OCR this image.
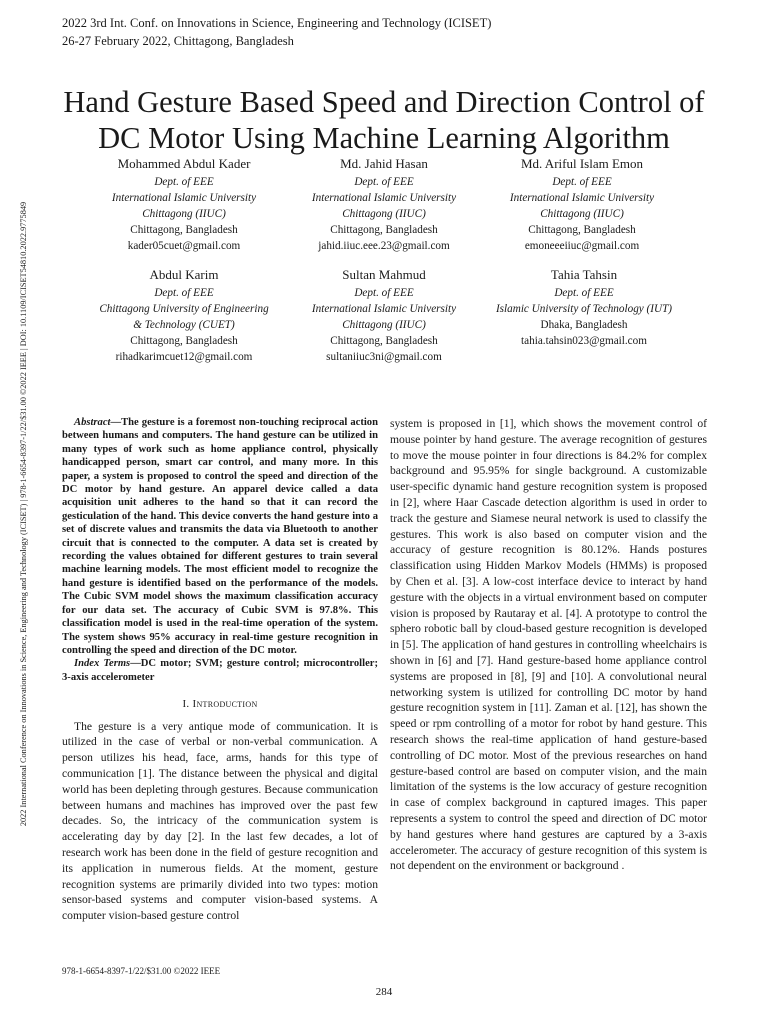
2022 3rd Int. Conf. on Innovations in Science, Engineering and Technology (ICISET)
26-27 February 2022, Chittagong, Bangladesh
2022 International Conference on Innovations in Science, Engineering and Technology (ICISET) | 978-1-6654-8397-1/22/$31.00 ©2022 IEEE | DOI: 10.1109/ICISET54810.2022.9775849
Hand Gesture Based Speed and Direction Control of DC Motor Using Machine Learning Algorithm
Mohammed Abdul Kader
Dept. of EEE
International Islamic University
Chittagong (IIUC)
Chittagong, Bangladesh
kader05cuet@gmail.com
Md. Jahid Hasan
Dept. of EEE
International Islamic University
Chittagong (IIUC)
Chittagong, Bangladesh
jahid.iiuc.eee.23@gmail.com
Md. Ariful Islam Emon
Dept. of EEE
International Islamic University
Chittagong (IIUC)
Chittagong, Bangladesh
emoneeeiiuc@gmail.com
Abdul Karim
Dept. of EEE
Chittagong University of Engineering
& Technology (CUET)
Chittagong, Bangladesh
rihadkarimcuet12@gmail.com
Sultan Mahmud
Dept. of EEE
International Islamic University
Chittagong (IIUC)
Chittagong, Bangladesh
sultaniiuc3ni@gmail.com
Tahia Tahsin
Dept. of EEE
Islamic University of Technology (IUT)
Dhaka, Bangladesh
tahia.tahsin023@gmail.com

Abstract—The gesture is a foremost non-touching reciprocal action between humans and computers. The hand gesture can be utilized in many types of work such as home appliance control, physically handicapped person, smart car control, and many more. In this paper, a system is proposed to control the speed and direction of the DC motor by hand gesture. An apparel device called a data acquisition unit adheres to the hand so that it can record the gesticulation of the hand. This device converts the hand gesture into a set of discrete values and transmits the data via Bluetooth to another circuit that is connected to the computer. A data set is created by recording the values obtained for different gestures to train several machine learning models. The most efficient model to recognize the hand gesture is identified based on the performance of the models. The Cubic SVM model shows the maximum classification accuracy for our data set. The accuracy of Cubic SVM is 97.8%. This classification model is used in the real-time operation of the system. The system shows 95% accuracy in real-time gesture recognition in controlling the speed and direction of the DC motor.

Index Terms—DC motor; SVM; gesture control; microcontroller; 3-axis accelerometer

I. Introduction

The gesture is a very antique mode of communication. It is utilized in the case of verbal or non-verbal communication. A person utilizes his head, face, arms, hands for this type of communication [1]. The distance between the physical and digital world has been depleting through gestures. Because communication between humans and machines has improved over the past few decades. So, the intricacy of the communication system is accelerating day by day [2]. In the last few decades, a lot of research work has been done in the field of gesture recognition and its application in numerous fields. At the moment, gesture recognition systems are primarily divided into two types: motion sensor-based systems and computer vision-based systems. A computer vision-based gesture control

system is proposed in [1], which shows the movement control of mouse pointer by hand gesture. The average recognition of gestures to move the mouse pointer in four directions is 84.2% for complex background and 95.95% for single background. A customizable user-specific dynamic hand gesture recognition system is proposed in [2], where Haar Cascade detection algorithm is used in order to track the gesture and Siamese neural network is used to classify the gestures. This work is also based on computer vision and the accuracy of gesture recognition is 80.12%. Hands postures classification using Hidden Markov Models (HMMs) is proposed by Chen et al. [3]. A low-cost interface device to interact by hand gesture with the objects in a virtual environment based on computer vision is proposed by Rautaray et al. [4]. A prototype to control the sphero robotic ball by cloud-based gesture recognition is developed in [5]. The application of hand gestures in controlling wheelchairs is shown in [6] and [7]. Hand gesture-based home appliance control systems are proposed in [8], [9] and [10]. A convolutional neural networking system is utilized for controlling DC motor by hand gesture recognition system in [11]. Zaman et al. [12], has shown the speed or rpm controlling of a motor for robot by hand gesture. This research shows the real-time application of hand gesture-based controlling of DC motor. Most of the previous researches on hand gesture-based control are based on computer vision, and the main limitation of the systems is the low accuracy of gesture recognition in case of complex background in captured images. This paper represents a system to control the speed and direction of DC motor by hand gestures where hand gestures are captured by a 3-axis accelerometer. The accuracy of gesture recognition of this system is not dependent on the environment or background .

978-1-6654-8397-1/22/$31.00 ©2022 IEEE
284
